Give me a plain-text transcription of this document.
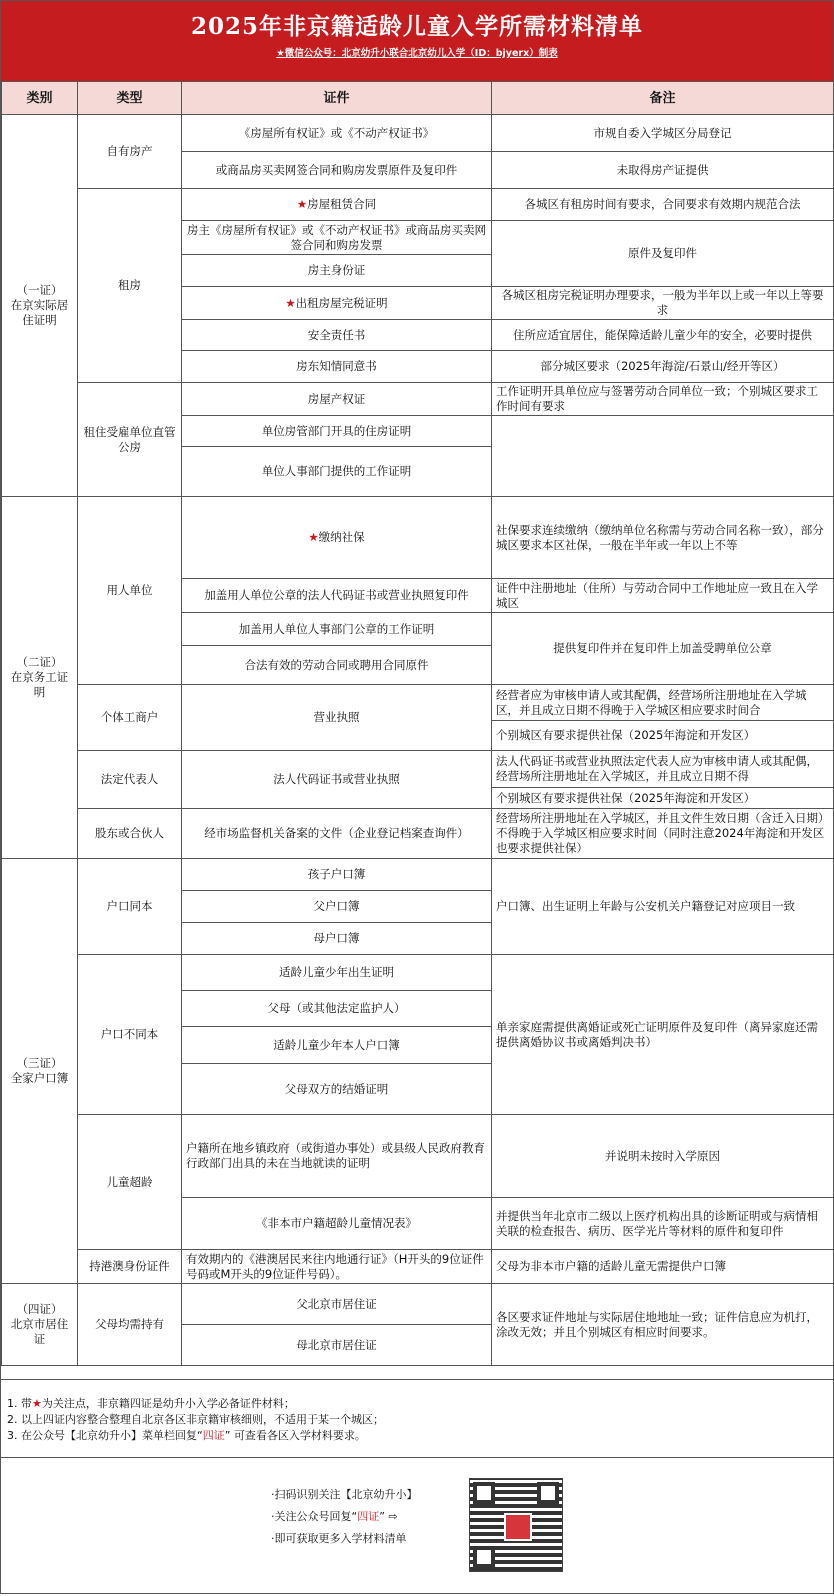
2025年非京籍适龄儿童入学所需材料清单
★微信公众号：北京幼升小联合北京幼儿入学（ID：bjyerx）制表
类别	类型	证件	备注
（一证）
在京实际居住证明	自有房产	《房屋所有权证》或《不动产权证书》	市规自委入学城区分局登记
		或商品房买卖网签合同和购房发票原件及复印件	未取得房产证提供
	租房	★房屋租赁合同	各城区有租房时间有要求，合同要求有效期内规范合法
		房主《房屋所有权证》或《不动产权证书》或商品房买卖网签合同和购房发票	原件及复印件
		房主身份证	
		★出租房屋完税证明	各城区租房完税证明办理要求，一般为半年以上或一年以上等要求
		安全责任书	住所应适宜居住，能保障适龄儿童少年的安全，必要时提供
		房东知情同意书	部分城区要求（2025年海淀/石景山/经开等区）
	租住受雇单位直管公房	房屋产权证	工作证明开具单位应与签署劳动合同单位一致；个别城区要求工作时间有要求
		单位房管部门开具的住房证明	
		单位人事部门提供的工作证明	
（二证）
在京务工证明	用人单位	★缴纳社保	社保要求连续缴纳（缴纳单位名称需与劳动合同名称一致），部分城区要求本区社保，一般在半年或一年以上不等
		加盖用人单位公章的法人代码证书或营业执照复印件	证件中注册地址（住所）与劳动合同中工作地址应一致且在入学城区
		加盖用人单位人事部门公章的工作证明	提供复印件并在复印件上加盖受聘单位公章
		合法有效的劳动合同或聘用合同原件	
	个体工商户	营业执照	经营者应为审核申请人或其配偶，经营场所注册地址在入学城区，并且成立日期不得晚于入学城区相应要求时间合
			个别城区有要求提供社保（2025年海淀和开发区）
	法定代表人	法人代码证书或营业执照	法人代码证书或营业执照法定代表人应为审核申请人或其配偶，经营场所注册地址在入学城区，并且成立日期不得
			个别城区有要求提供社保（2025年海淀和开发区）
	股东或合伙人	经市场监督机关备案的文件（企业登记档案查询件）	经营场所注册地址在入学城区，并且文件生效日期（含迁入日期）不得晚于入学城区相应要求时间（同时注意2024年海淀和开发区也要求提供社保）
（三证）
全家户口簿	户口同本	孩子户口簿	户口簿、出生证明上年龄与公安机关户籍登记对应项目一致
		父户口簿	
		母户口簿	
	户口不同本	适龄儿童少年出生证明	单亲家庭需提供离婚证或死亡证明原件及复印件（离异家庭还需提供离婚协议书或离婚判决书）
		父母（或其他法定监护人）	
		适龄儿童少年本人户口簿	
		父母双方的结婚证明	
	儿童超龄	户籍所在地乡镇政府（或街道办事处）或县级人民政府教育行政部门出具的未在当地就读的证明	并说明未按时入学原因
		《非本市户籍超龄儿童情况表》	并提供当年北京市二级以上医疗机构出具的诊断证明或与病情相关联的检查报告、病历、医学光片等材料的原件和复印件
	持港澳身份证件	有效期内的《港澳居民来往内地通行证》（H开头的9位证件号码或M开头的9位证件号码）。	父母为非本市户籍的适龄儿童无需提供户口簿
（四证）
北京市居住证	父母均需持有	父北京市居住证	各区要求证件地址与实际居住地地址一致；证件信息应为机打，涂改无效；并且个别城区有相应时间要求。
		母北京市居住证	
1. 带★为关注点，非京籍四证是幼升小入学必备证件材料；
2. 以上四证内容整合整理自北京各区非京籍审核细则，不适用于某一个城区；
3. 在公众号【北京幼升小】菜单栏回复“四证” 可查看各区入学材料要求。
·扫码识别关注【北京幼升小】
·关注公众号回复“四证” ⇨
·即可获取更多入学材料清单
